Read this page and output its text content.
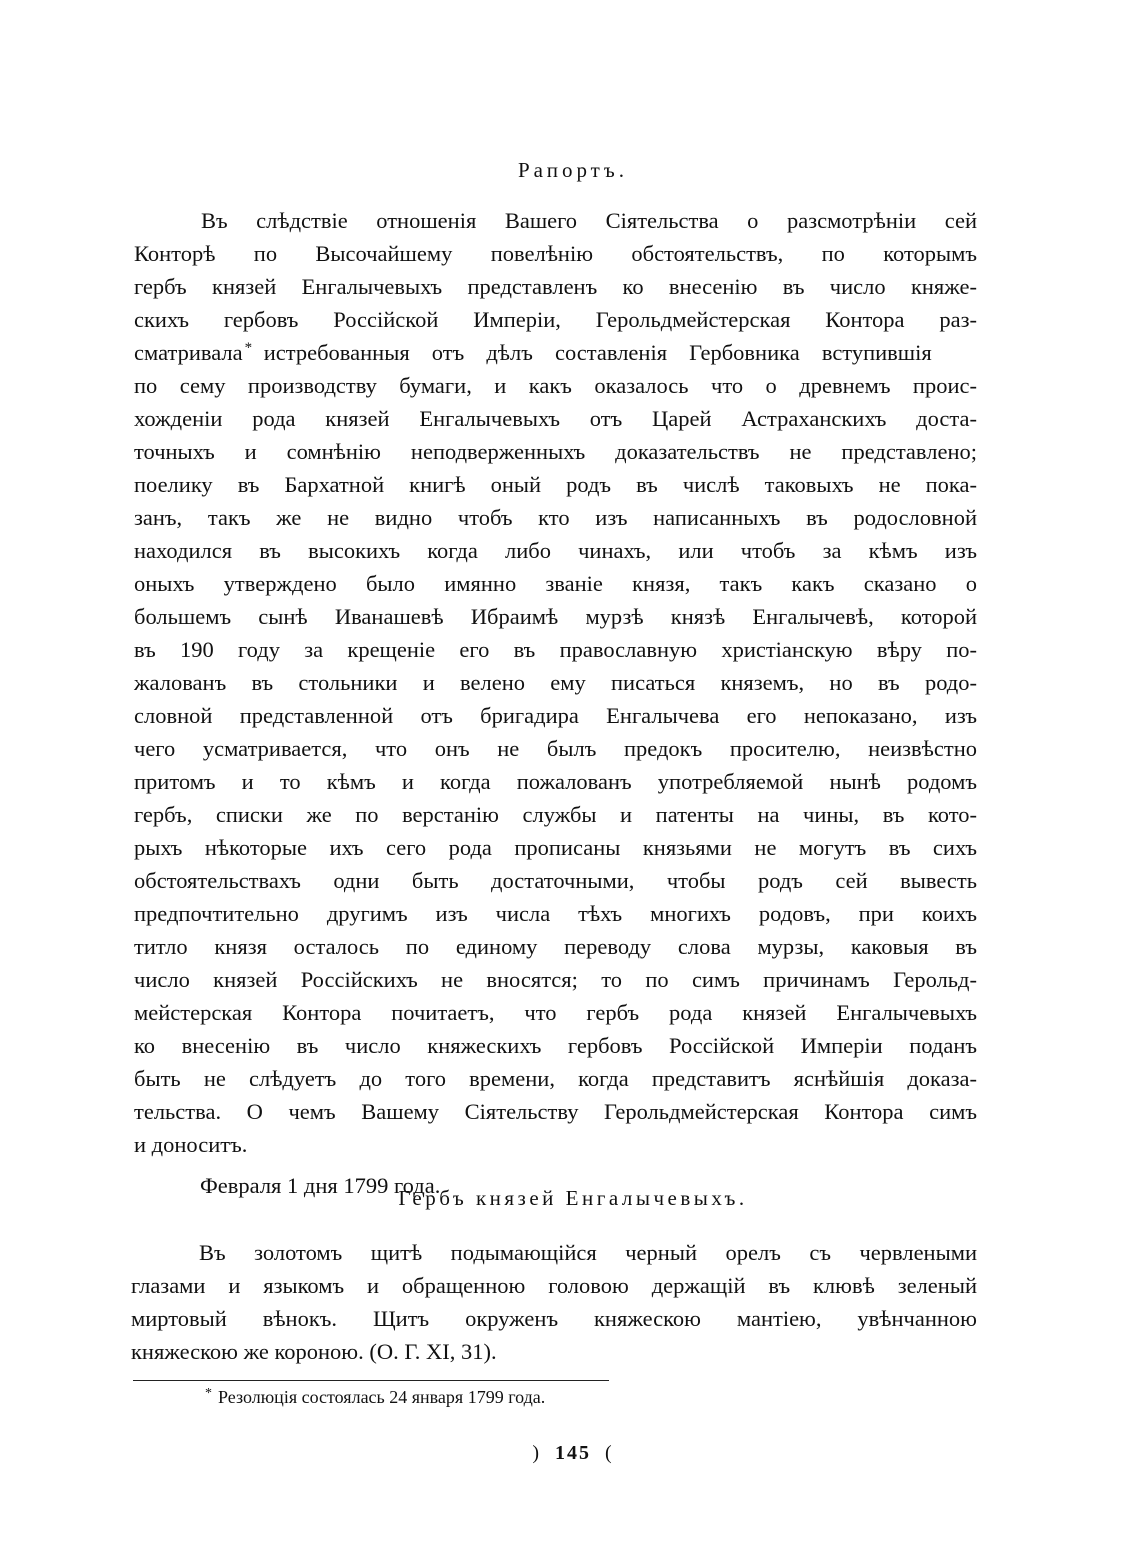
Рапортъ.
Въ слѣдствіе отношенія Вашего Сіятельства о разсмотрѣніи сей
Конторѣ по Высочайшему повелѣнію обстоятельствъ, по которымъ
гербъ князей Енгалычевыхъ представленъ ко внесенію въ число княже-
скихъ гербовъ Россійской Имперіи, Герольдмейстерская Контора раз-
сматривала * истребованныя отъ дѣлъ составленія Гербовника вступившія
по сему производству бумаги, и какъ оказалось что о древнемъ проис-
хожденіи рода князей Енгалычевыхъ отъ Царей Астраханскихъ доста-
точныхъ и сомнѣнію неподверженныхъ доказательствъ не представлено;
поелику въ Бархатной книгѣ оный родъ въ числѣ таковыхъ не пока-
занъ, такъ же не видно чтобъ кто изъ написанныхъ въ родословной
находился въ высокихъ когда либо чинахъ, или чтобъ за кѣмъ изъ
оныхъ утверждено было имянно званіе князя, такъ какъ сказано о
большемъ сынѣ Иванашевѣ Ибраимѣ мурзѣ князѣ Енгалычевѣ, которой
въ 190 году за крещеніе его въ православную христіанскую вѣру по-
жалованъ въ стольники и велено ему писаться княземъ, но въ родо-
словной представленной отъ бригадира Енгалычева его непоказано, изъ
чего усматривается, что онъ не былъ предокъ просителю, неизвѣстно
притомъ и то кѣмъ и когда пожалованъ употребляемой нынѣ родомъ
гербъ, списки же по верстанію службы и патенты на чины, въ кото-
рыхъ нѣкоторые ихъ сего рода прописаны князьями не могутъ въ сихъ
обстоятельствахъ одни быть достаточными, чтобы родъ сей вывесть
предпочтительно другимъ изъ числа тѣхъ многихъ родовъ, при коихъ
титло князя осталось по единому переводу слова мурзы, каковыя въ
число князей Россійскихъ не вносятся; то по симъ причинамъ Герольд-
мейстерская Контора почитаетъ, что гербъ рода князей Енгалычевыхъ
ко внесенію въ число княжескихъ гербовъ Россійской Имперіи поданъ
быть не слѣдуетъ до того времени, когда представитъ яснѣйшія доказа-
тельства. О чемъ Вашему Сіятельству Герольдмейстерская Контора симъ
и доноситъ.
Февраля 1 дня 1799 года.
Гербъ князей Енгалычевыхъ.
Въ золотомъ щитѣ подымающійся черный орелъ съ червлеными
глазами и языкомъ и обращенною головою держащій въ клювѣ зеленый
миртовый вѣнокъ. Щитъ окруженъ княжескою мантіею, увѣнчанною
княжескою же короною. (О. Г. XI, 31).
* Резолюція состоялась 24 января 1799 года.
) 145 (
